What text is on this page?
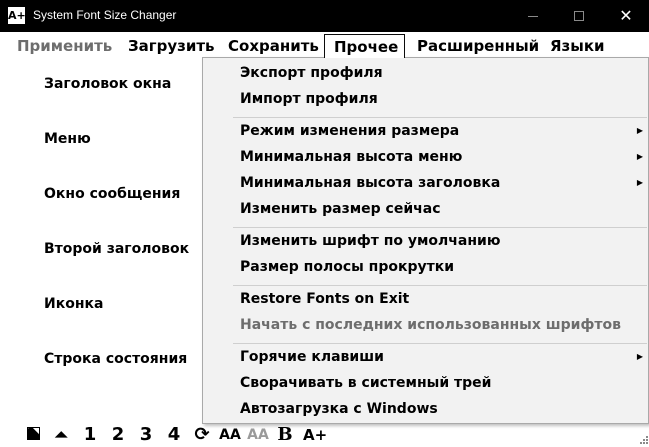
A+ System Font Size Changer	✕
Применить Загрузить Сохранить	Прочее	Расширенный Языки
Заголовок окна
Меню
Окно сообщения
Второй заголовок
Иконка
Строка состояния
Экспорт профиля
Импорт профиля
Режим изменения размера	▶
Минимальная высота меню	▶
Минимальная высота заголовка	▶
Изменить размер сейчас
Изменить шрифт по умолчанию
Размер полосы прокрутки
Restore Fonts on Exit
Начать с последних использованных шрифтов
Горячие клавиши	▶
Сворачивать в системный трей
Автозагрузка с Windows
⏶ 1 2 3 4 ⟳ AA AA B A+
